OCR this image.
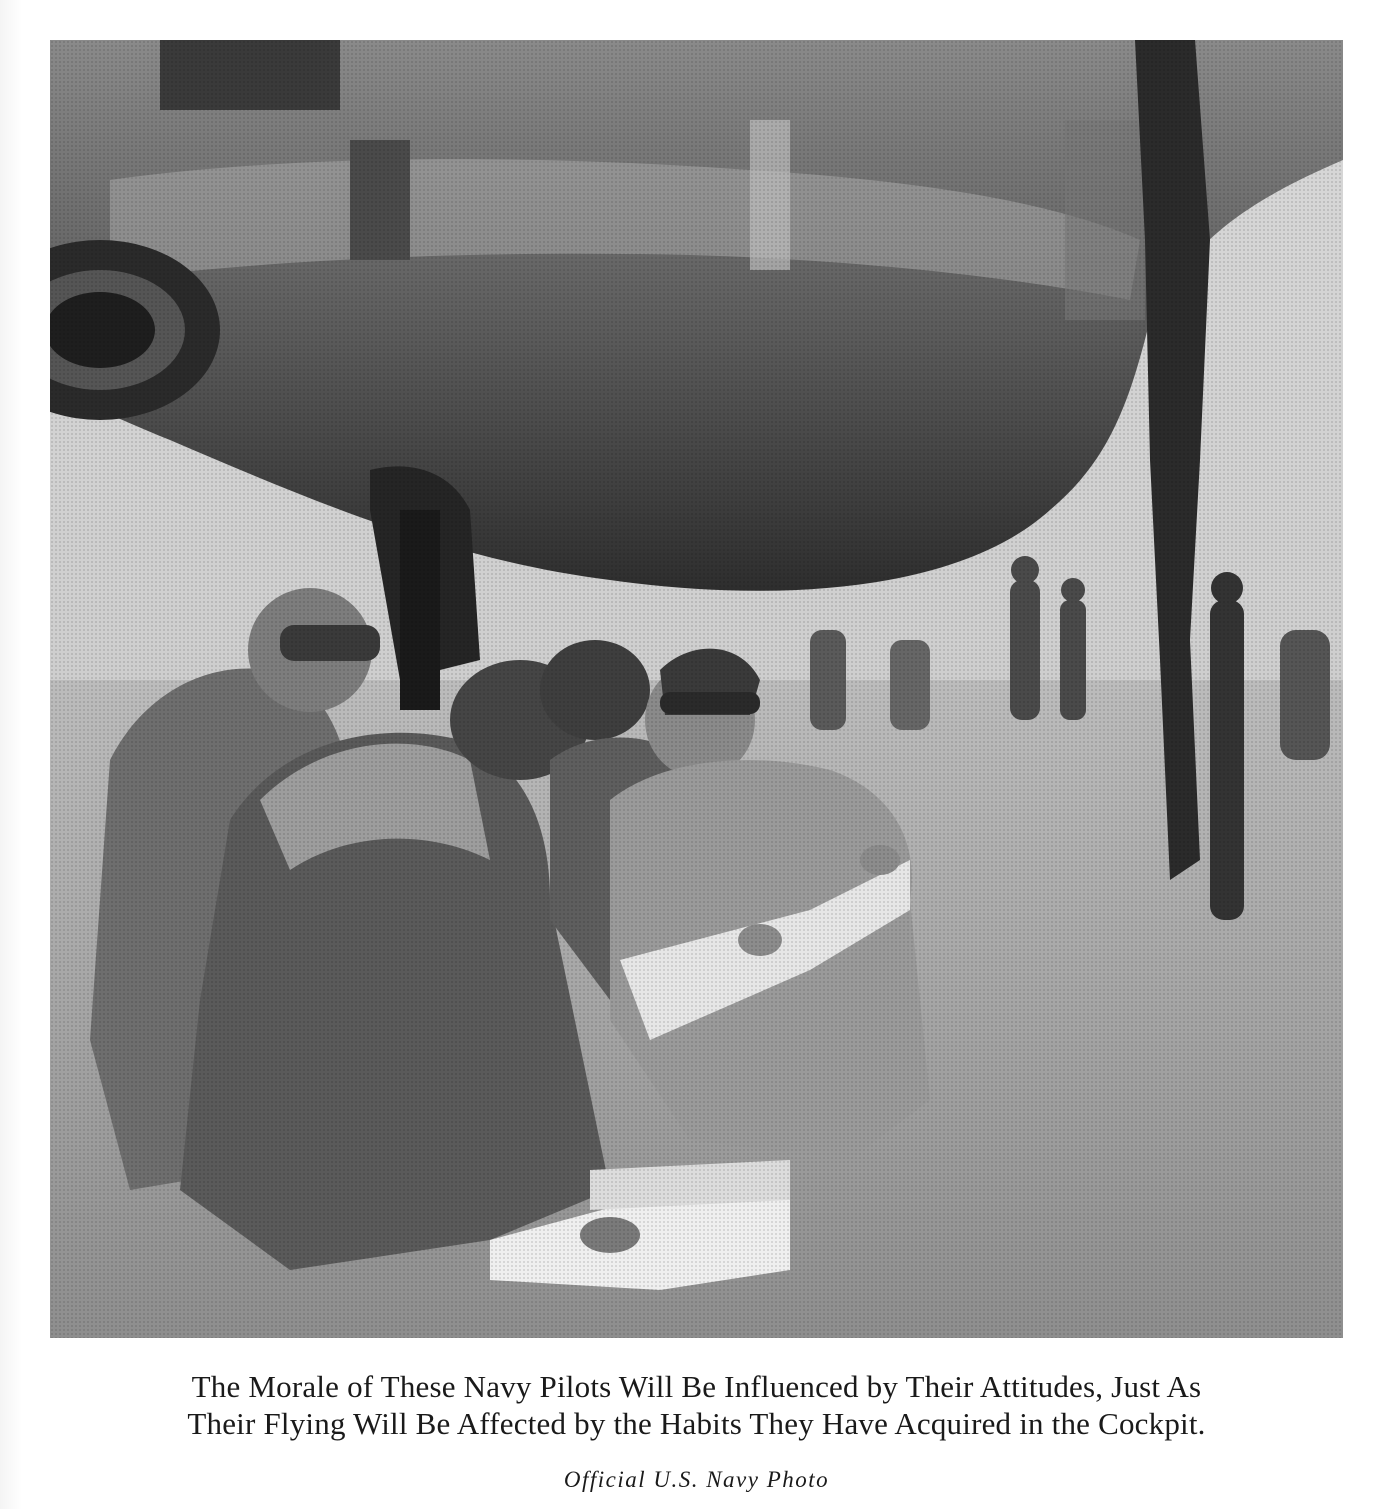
The Morale of These Navy Pilots Will Be Influenced by Their Attitudes, Just As
Their Flying Will Be Affected by the Habits They Have Acquired in the Cockpit.
Official U.S. Navy Photo
